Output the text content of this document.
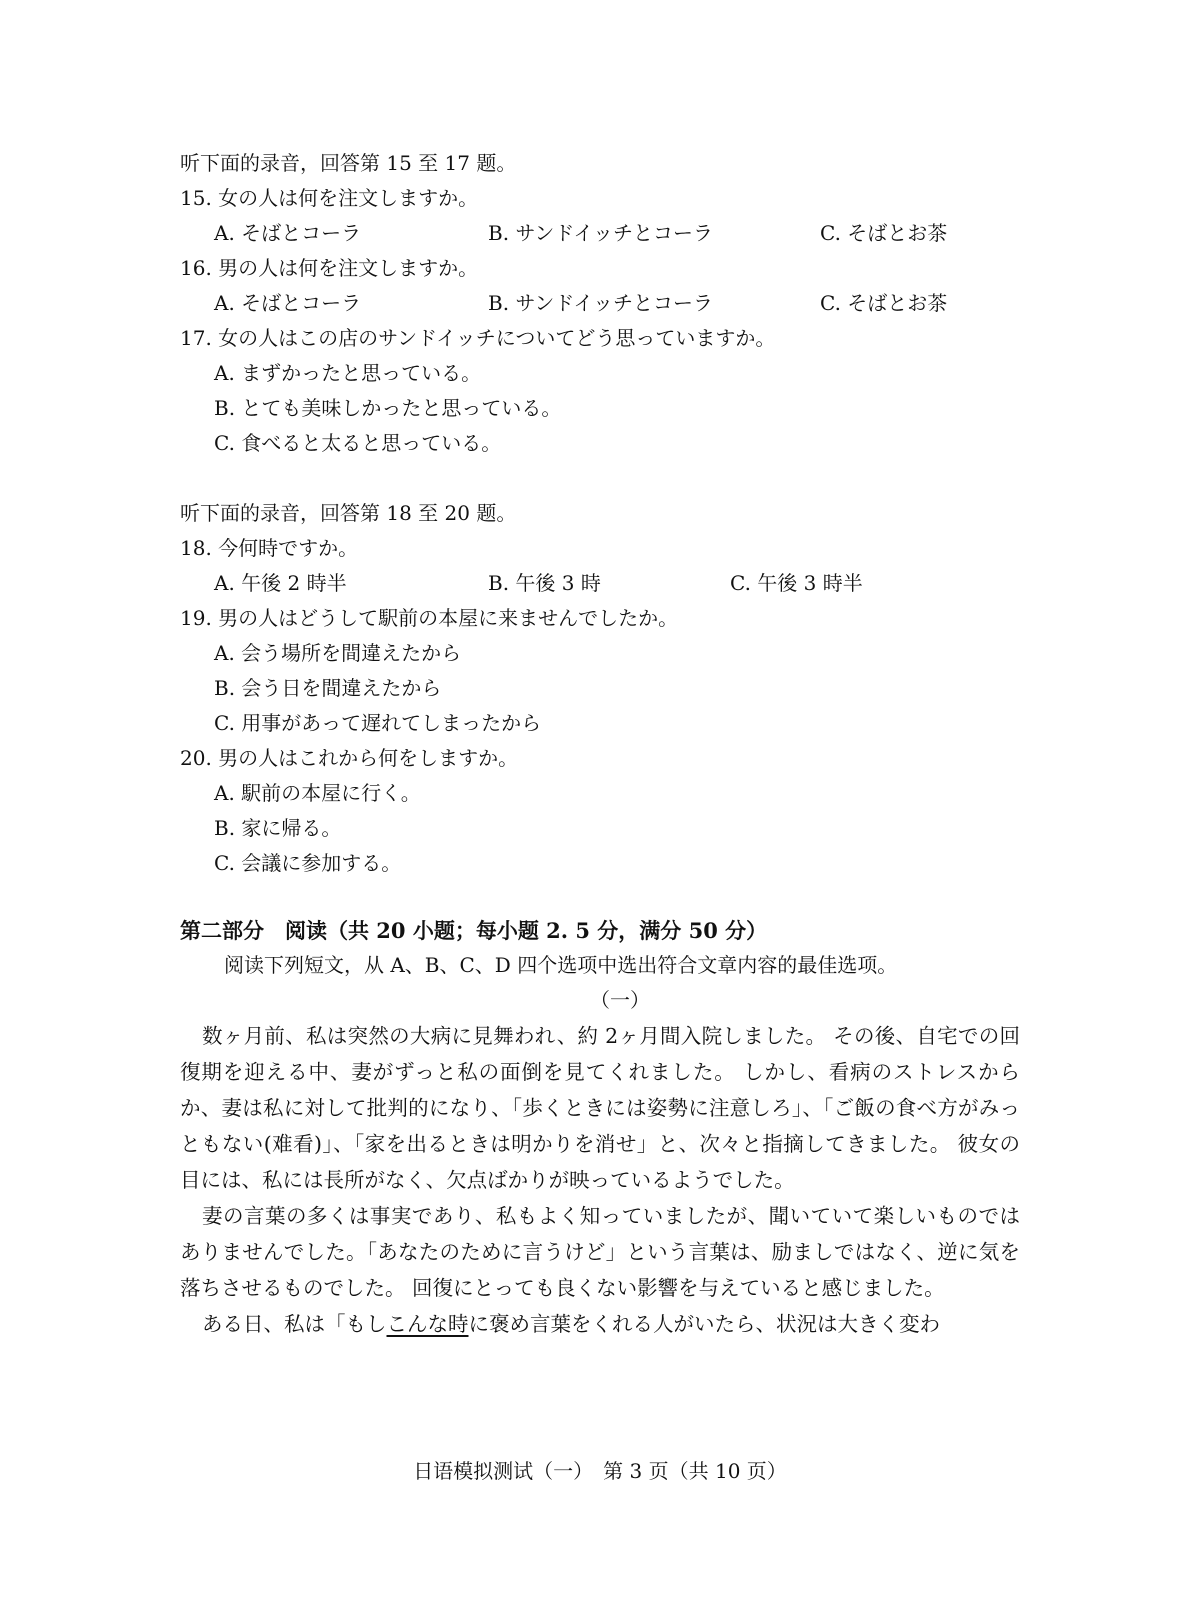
听下面的录音，回答第 15 至 17 题。
15. 女の人は何を注文しますか。
A. そばとコーラ	B. サンドイッチとコーラ	C. そばとお茶
16. 男の人は何を注文しますか。
A. そばとコーラ	B. サンドイッチとコーラ	C. そばとお茶
17. 女の人はこの店のサンドイッチについてどう思っていますか。
A. まずかったと思っている。
B. とても美味しかったと思っている。
C. 食べると太ると思っている。
听下面的录音，回答第 18 至 20 题。
18. 今何時ですか。
A. 午後 2 時半	B. 午後 3 時	C. 午後 3 時半
19. 男の人はどうして駅前の本屋に来ませんでしたか。
A. 会う場所を間違えたから
B. 会う日を間違えたから
C. 用事があって遅れてしまったから
20. 男の人はこれから何をしますか。
A. 駅前の本屋に行く。
B. 家に帰る。
C. 会議に参加する。
第二部分　阅读（共 20 小题；每小题 2. 5 分，满分 50 分）
阅读下列短文，从 A、B、C、D 四个选项中选出符合文章内容的最佳选项。
（一）
数ヶ月前、私は突然の大病に見舞われ、約 2ヶ月間入院しました。 その後、自宅での回復期を迎える中、妻がずっと私の面倒を見てくれました。 しかし、看病のストレスからか、妻は私に対して批判的になり、「歩くときには姿勢に注意しろ」、「ご飯の食べ方がみっともない(难看)」、「家を出るときは明かりを消せ」と、次々と指摘してきました。 彼女の目には、私には長所がなく、欠点ばかりが映っているようでした。
妻の言葉の多くは事実であり、私もよく知っていましたが、聞いていて楽しいものではありませんでした。「あなたのために言うけど」という言葉は、励ましではなく、逆に気を落ちさせるものでした。 回復にとっても良くない影響を与えていると感じました。
ある日、私は「もしこんな時に褒め言葉をくれる人がいたら、状況は大きく変わ
日语模拟测试（一）　第 3 页（共 10 页）
